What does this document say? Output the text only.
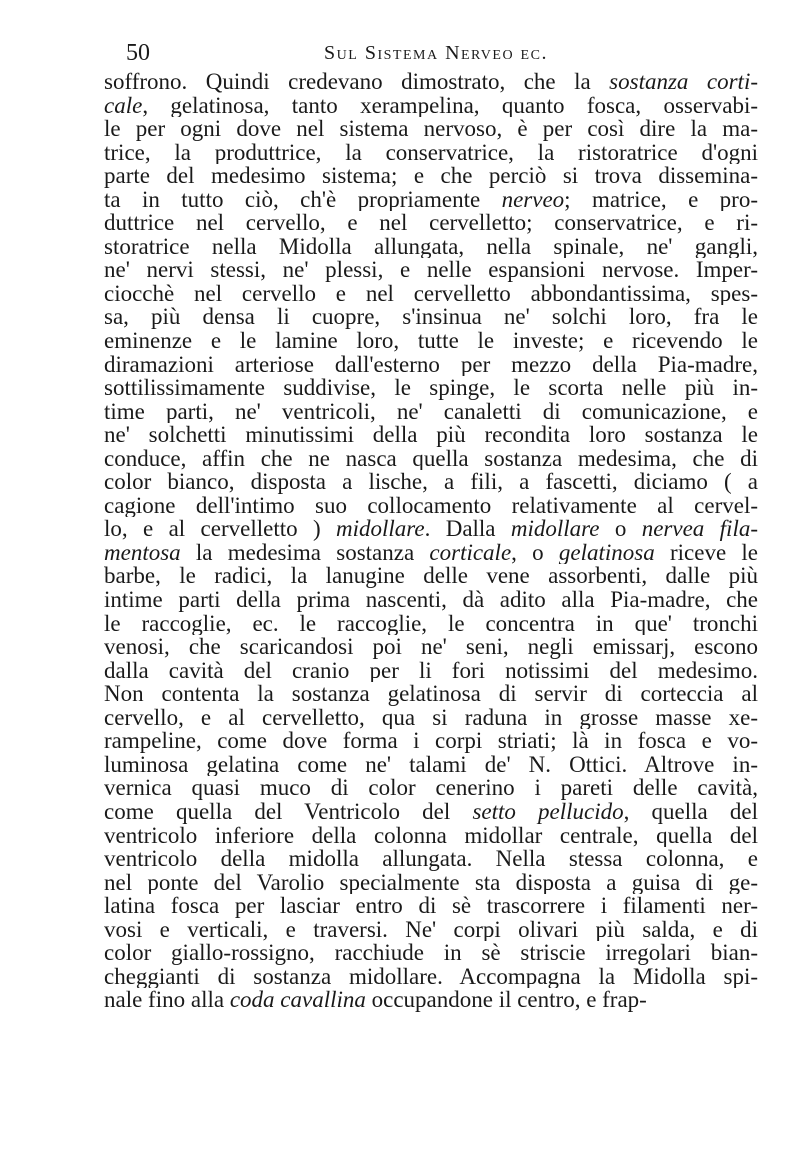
50	Sul Sistema Nerveo ec.
soffrono. Quindi credevano dimostrato, che la sostanza corti-
cale, gelatinosa, tanto xerampelina, quanto fosca, osservabi-
le per ogni dove nel sistema nervoso, è per così dire la ma-
trice, la produttrice, la conservatrice, la ristoratrice d'ogni
parte del medesimo sistema; e che perciò si trova dissemina-
ta in tutto ciò, ch'è propriamente nerveo; matrice, e pro-
duttrice nel cervello, e nel cervelletto; conservatrice, e ri-
storatrice nella Midolla allungata, nella spinale, ne' gangli,
ne' nervi stessi, ne' plessi, e nelle espansioni nervose. Imper-
ciocchè nel cervello e nel cervelletto abbondantissima, spes-
sa, più densa li cuopre, s'insinua ne' solchi loro, fra le
eminenze e le lamine loro, tutte le investe; e ricevendo le
diramazioni arteriose dall'esterno per mezzo della Pia-madre,
sottilissimamente suddivise, le spinge, le scorta nelle più in-
time parti, ne' ventricoli, ne' canaletti di comunicazione, e
ne' solchetti minutissimi della più recondita loro sostanza le
conduce, affin che ne nasca quella sostanza medesima, che di
color bianco, disposta a lische, a fili, a fascetti, diciamo ( a
cagione dell'intimo suo collocamento relativamente al cervel-
lo, e al cervelletto ) midollare. Dalla midollare o nervea fila-
mentosa la medesima sostanza corticale, o gelatinosa riceve le
barbe, le radici, la lanugine delle vene assorbenti, dalle più
intime parti della prima nascenti, dà adito alla Pia-madre, che
le raccoglie, ec. le raccoglie, le concentra in que' tronchi
venosi, che scaricandosi poi ne' seni, negli emissarj, escono
dalla cavità del cranio per li fori notissimi del medesimo.
Non contenta la sostanza gelatinosa di servir di corteccia al
cervello, e al cervelletto, qua si raduna in grosse masse xe-
rampeline, come dove forma i corpi striati; là in fosca e vo-
luminosa gelatina come ne' talami de' N. Ottici. Altrove in-
vernica quasi muco di color cenerino i pareti delle cavità,
come quella del Ventricolo del setto pellucido, quella del
ventricolo inferiore della colonna midollar centrale, quella del
ventricolo della midolla allungata. Nella stessa colonna, e
nel ponte del Varolio specialmente sta disposta a guisa di ge-
latina fosca per lasciar entro di sè trascorrere i filamenti ner-
vosi e verticali, e traversi. Ne' corpi olivari più salda, e di
color giallo-rossigno, racchiude in sè striscie irregolari bian-
cheggianti di sostanza midollare. Accompagna la Midolla spi-
nale fino alla coda cavallina occupandone il centro, e frap-
